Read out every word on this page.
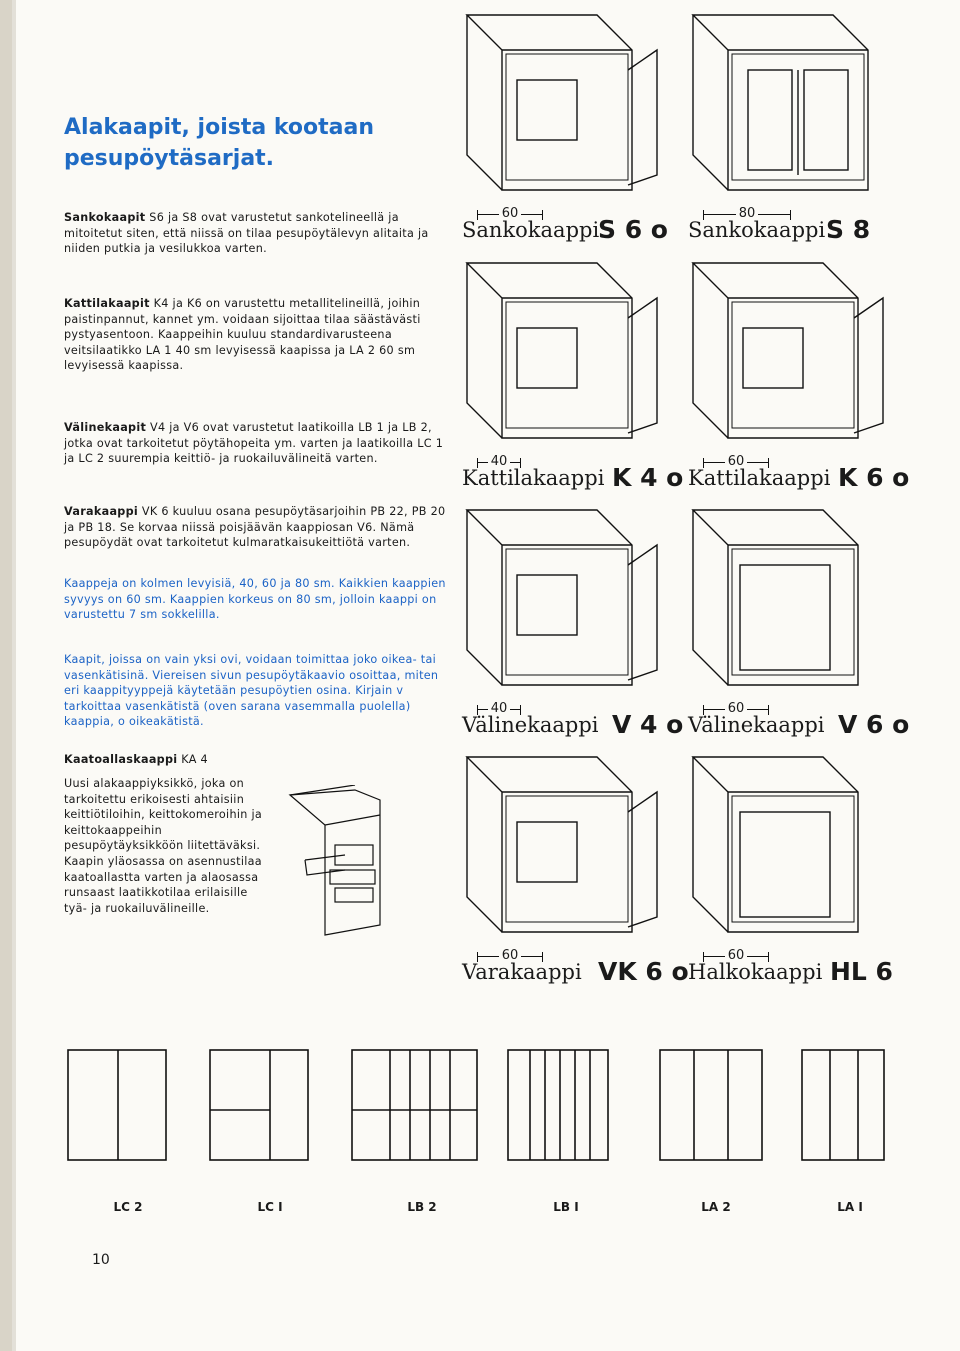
Alakaapit, joista kootaan
pesupöytäsarjat.

Sankokaapit S6 ja S8 ovat varustetut sankotelineellä ja mitoitetut siten, että niissä on tilaa pesupöytälevyn alitaita ja niiden putkia ja vesilukkoa varten.

Kattilakaapit K4 ja K6 on varustettu metallitelineillä, joihin paistinpannut, kannet ym. voidaan sijoittaa tilaa säästävästi pystyasentoon. Kaappeihin kuuluu standardivarusteena veitsilaatikko LA 1 40 sm levyisessä kaapissa ja LA 2 60 sm levyisessä kaapissa.

Välinekaapit V4 ja V6 ovat varustetut laatikoilla LB 1 ja LB 2, jotka ovat tarkoitetut pöytähopeita ym. varten ja laatikoilla LC 1 ja LC 2 suurempia keittiö- ja ruokailuvälineitä varten.

Varakaappi VK 6 kuuluu osana pesupöytäsarjoihin PB 22, PB 20 ja PB 18. Se korvaa niissä poisjäävän kaappiosan V6. Nämä pesupöydät ovat tarkoitetut kulmaratkaisukeittiötä varten.

Kaappeja on kolmen levyisiä, 40, 60 ja 80 sm. Kaikkien kaappien syvyys on 60 sm. Kaappien korkeus on 80 sm, jolloin kaappi on varustettu 7 sm sokkelilla.

Kaapit, joissa on vain yksi ovi, voidaan toimittaa joko oikea- tai vasenkätisinä. Viereisen sivun pesupöytäkaavio osoittaa, miten eri kaappityyppejä käytetään pesupöytien osina. Kirjain v tarkoittaa vasenkätistä (oven sarana vasemmalla puolella) kaappia, o oikeakätistä.

Kaatoallaskaappi KA 4

Uusi alakaappiyksikkö, joka on tarkoitettu erikoisesti ahtaisiin keittiötiloihin, keittokomeroihin ja keittokaappeihin pesupöytäyksikköön liitettäväksi. Kaapin yläosassa on asennustilaa kaatoallastta varten ja alaosassa runsaast laatikkotilaa erilaisille tyä- ja ruokailuvälineille.

LC 2	LC I	LB 2	LB I	LA 2	LA I
10
60
Sankokaappi
S 6 o
80
Sankokaappi S 8
40
Kattilakaappi K 4 o
60
Kattilakaappi K 6 o
40
Välinekaappi V 4 o
60
Välinekaappi V 6 o
60
Varakaappi VK 6 o
60
Halkokaappi HL 6
